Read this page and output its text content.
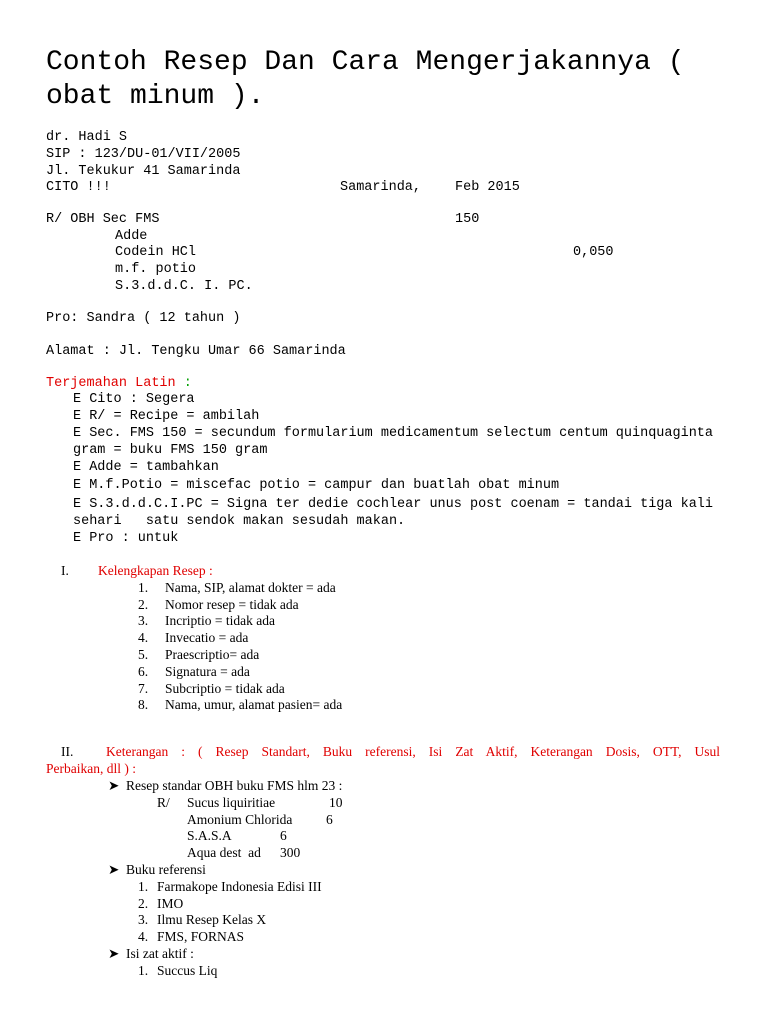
Contoh Resep Dan Cara Mengerjakannya ( obat minum ).
dr. Hadi S
SIP : 123/DU-01/VII/2005
Jl. Tekukur 41 Samarinda
CITO !!!	Samarinda,	Feb 2015
R/ OBH Sec FMS	150
Adde
Codein HCl	0,050
m.f. potio
S.3.d.d.C. I. PC.
Pro: Sandra ( 12 tahun )
Alamat : Jl. Tengku Umar 66 Samarinda
Terjemahan Latin :
E Cito : Segera
E R/ = Recipe = ambilah
E Sec. FMS 150 = secundum formularium medicamentum selectum centum quinquaginta
gram = buku FMS 150 gram
E Adde = tambahkan
E M.f.Potio = miscefac potio = campur dan buatlah obat minum
E S.3.d.d.C.I.PC = Signa ter dedie cochlear unus post coenam = tandai tiga kali
sehari   satu sendok makan sesudah makan.
E Pro : untuk
I. Kelengkapan Resep :
1. Nama, SIP, alamat dokter = ada
2. Nomor resep = tidak ada
3. Incriptio = tidak ada
4. Invecatio = ada
5. Praescriptio= ada
6. Signatura = ada
7. Subcriptio = tidak ada
8. Nama, umur, alamat pasien= ada
II. Keterangan : ( Resep Standart, Buku referensi, Isi Zat Aktif, Keterangan Dosis, OTT, Usul
Perbaikan, dll ) :
➤ Resep standar OBH buku FMS hlm 23 :
R/ Sucus liquiritiae	10
Amonium Chlorida 6
S.A.S.A	6
Aqua dest  ad 300
➤ Buku referensi
1. Farmakope Indonesia Edisi III
2. IMO
3. Ilmu Resep Kelas X
4. FMS, FORNAS
➤ Isi zat aktif :
1. Succus Liq
